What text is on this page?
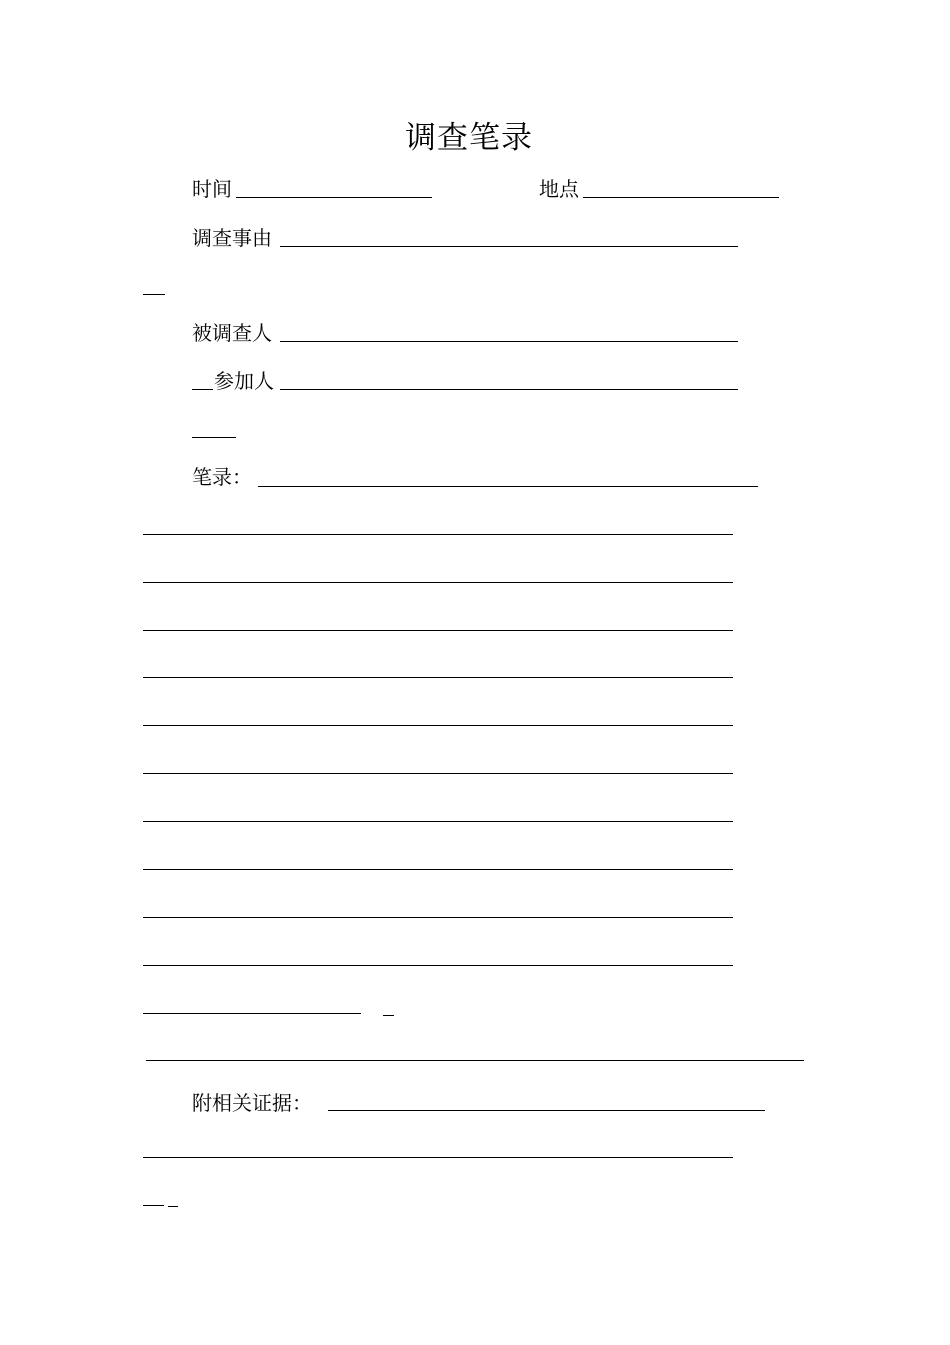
调查笔录
时间	地点
调查事由
被调查人
参加人
笔录：
附相关证据：
